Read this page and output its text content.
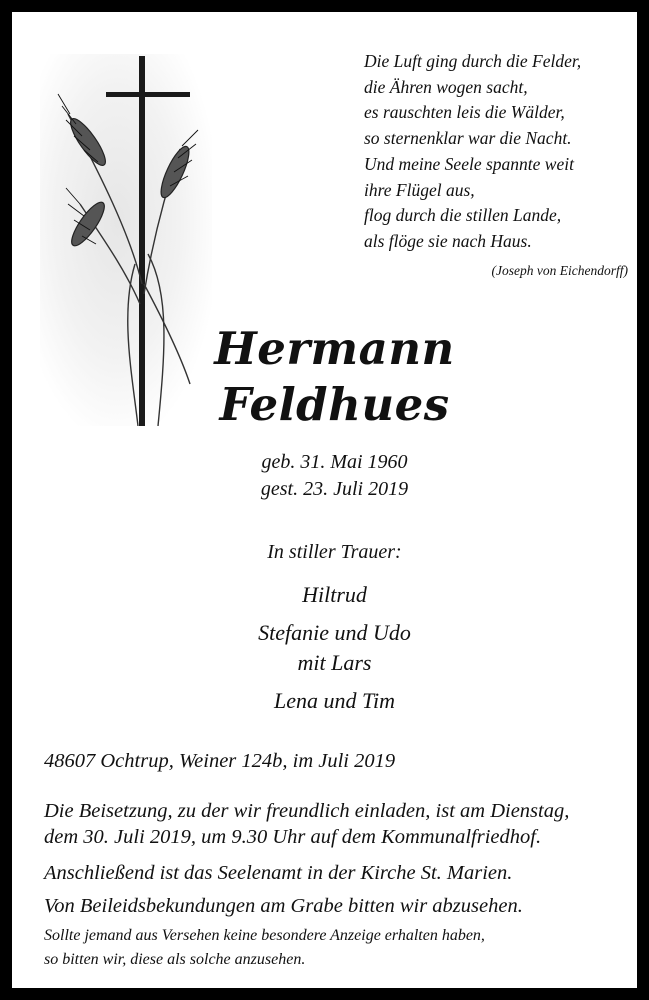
Die Luft ging durch die Felder,
die Ähren wogen sacht,
es rauschten leis die Wälder,
so sternenklar war die Nacht.
Und meine Seele spannte weit
ihre Flügel aus,
flog durch die stillen Lande,
als flöge sie nach Haus.
(Joseph von Eichendorff)
Hermann
Feldhues
geb. 31. Mai 1960
gest. 23. Juli 2019
In stiller Trauer:
Hiltrud
Stefanie und Udo
mit Lars
Lena und Tim
48607 Ochtrup, Weiner 124b, im Juli 2019
Die Beisetzung, zu der wir freundlich einladen, ist am Dienstag,
dem 30. Juli 2019, um 9.30 Uhr auf dem Kommunalfriedhof.
Anschließend ist das Seelenamt in der Kirche St. Marien.
Von Beileidsbekundungen am Grabe bitten wir abzusehen.
Sollte jemand aus Versehen keine besondere Anzeige erhalten haben,
so bitten wir, diese als solche anzusehen.
